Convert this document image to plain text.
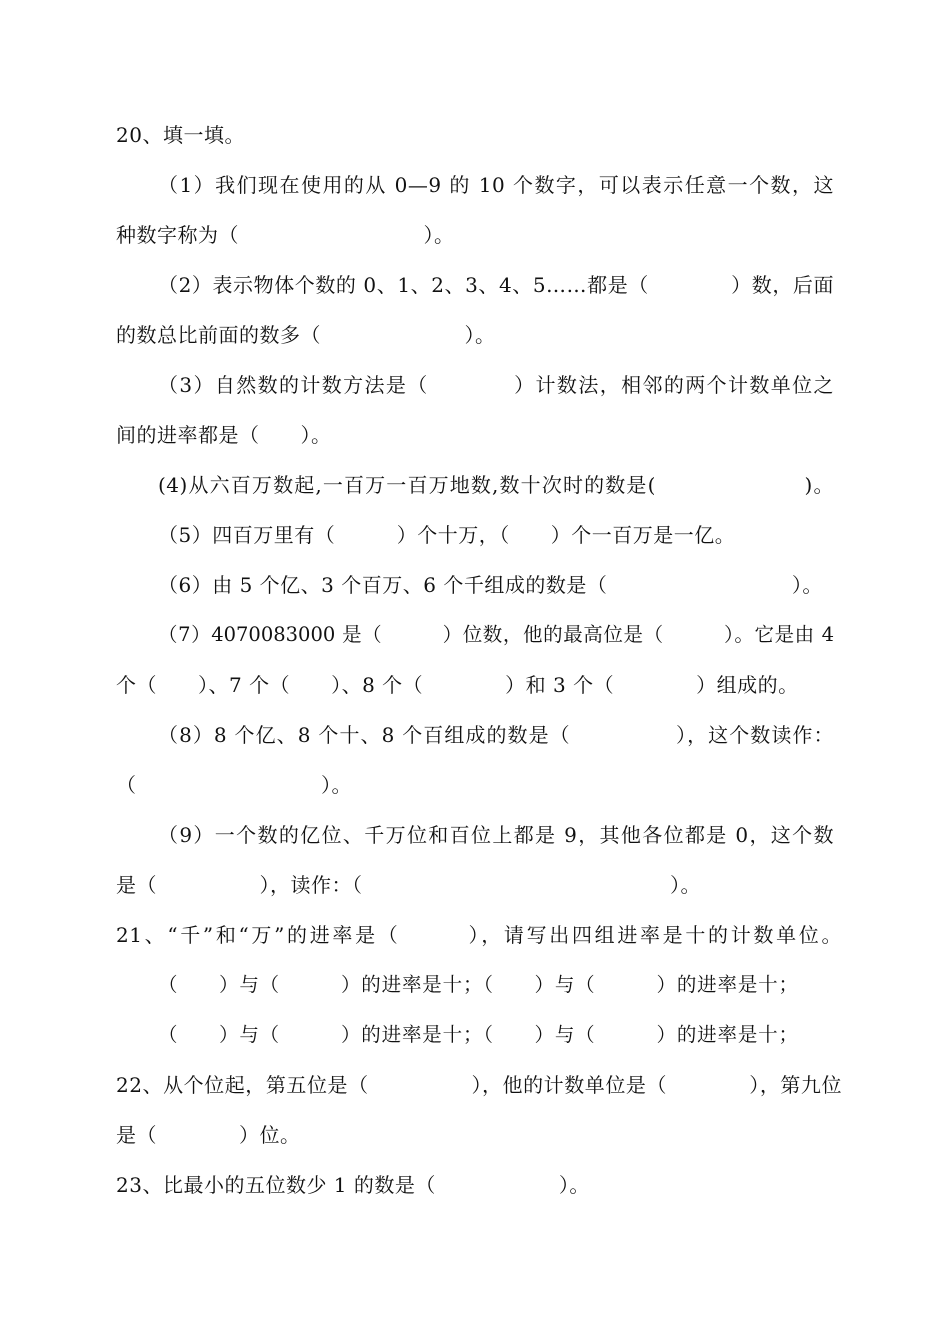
20、填一填。
（1）我们现在使用的从 0—9 的 10 个数字，可以表示任意一个数，这
种数字称为（　　　　　　　　　）。
（2）表示物体个数的 0、1、2、3、4、5……都是（　　　　）数，后面
的数总比前面的数多（　　　　　　　）。
（3）自然数的计数方法是（　　　　）计数法，相邻的两个计数单位之
间的进率都是（　　）。
(4)从六百万数起,一百万一百万地数,数十次时的数是(　　　　　　　)。
（5）四百万里有（　　　）个十万，（　　）个一百万是一亿。
（6）由 5 个亿、3 个百万、6 个千组成的数是（　　　　　　　　　）。
（7）4070083000 是（　　　）位数，他的最高位是（　　　）。它是由 4
个（　　）、7 个（　　）、8 个（　　　　）和 3 个（　　　　）组成的。
（8）8 个亿、8 个十、8 个百组成的数是（　　　　　），这个数读作：
（　　　　　　　　　）。
（9）一个数的亿位、千万位和百位上都是 9，其他各位都是 0，这个数
是（　　　　　），读作：（　　　　　　　　　　　　　　　）。
21、“千”和“万”的进率是（　　　），请写出四组进率是十的计数单位。
（　　）与（　　　）的进率是十；（　　）与（　　　）的进率是十；
（　　）与（　　　）的进率是十；（　　）与（　　　）的进率是十；
22、从个位起，第五位是（　　　　　），他的计数单位是（　　　　），第九位
是（　　　　）位。
23、比最小的五位数少 1 的数是（　　　　　　）。
